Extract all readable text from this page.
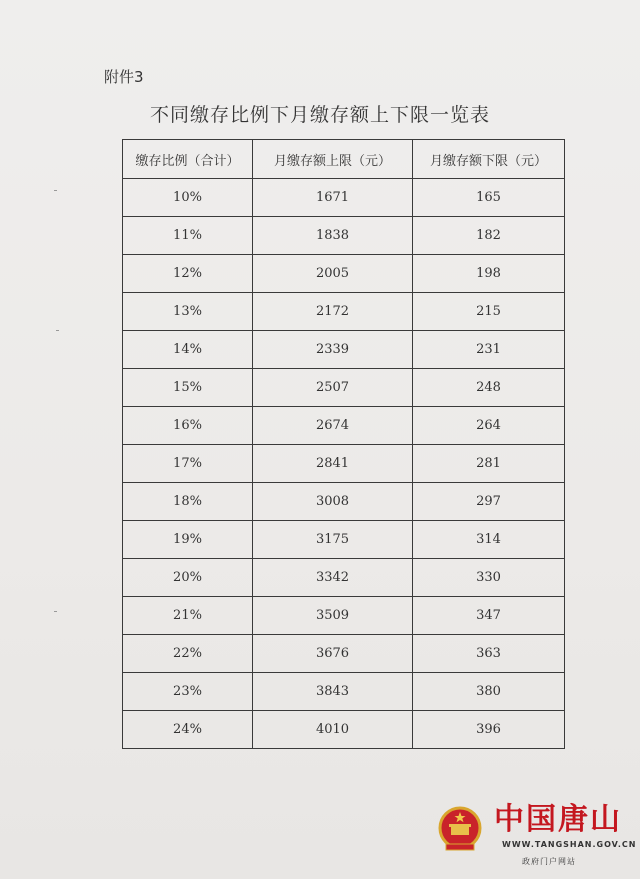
附件3
不同缴存比例下月缴存额上下限一览表
缴存比例（合计）	月缴存额上限（元）	月缴存额下限（元）
10%	1671	165
11%	1838	182
12%	2005	198
13%	2172	215
14%	2339	231
15%	2507	248
16%	2674	264
17%	2841	281
18%	3008	297
19%	3175	314
20%	3342	330
21%	3509	347
22%	3676	363
23%	3843	380
24%	4010	396
中国唐山
WWW.TANGSHAN.GOV.CN
政府门户网站
